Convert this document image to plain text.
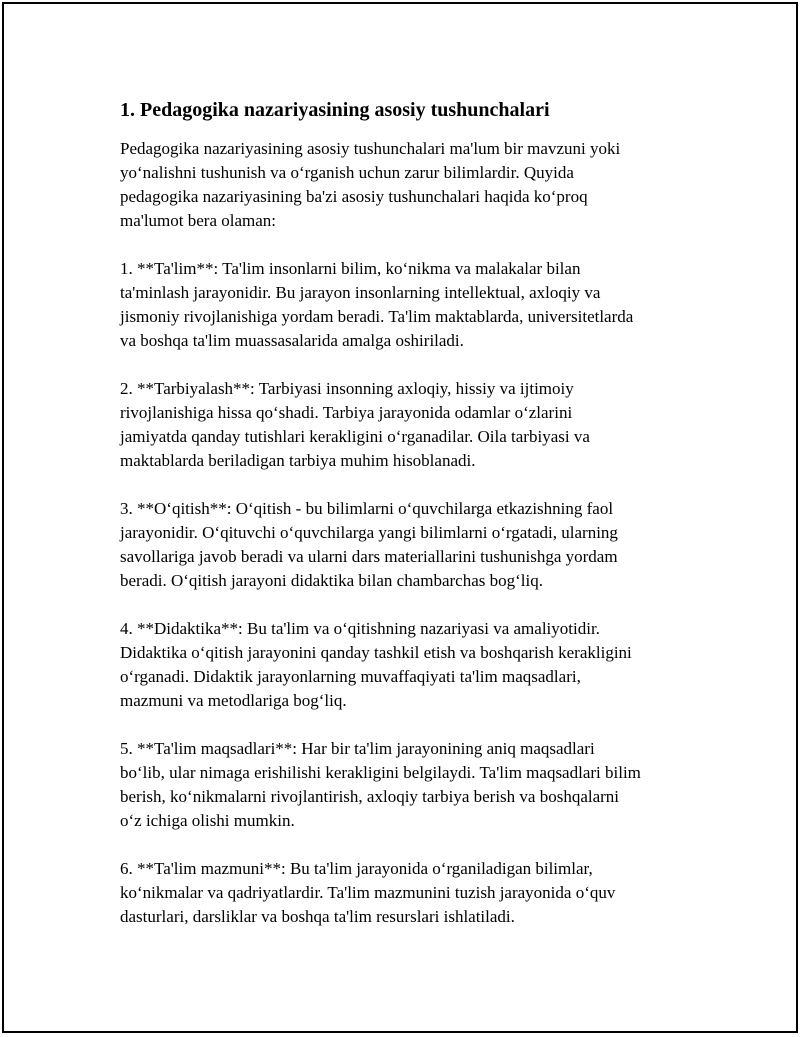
1. Pedagogika nazariyasining asosiy tushunchalari

Pedagogika nazariyasining asosiy tushunchalari ma'lum bir mavzuni yoki
yo‘nalishni tushunish va o‘rganish uchun zarur bilimlardir. Quyida
pedagogika nazariyasining ba'zi asosiy tushunchalari haqida ko‘proq
ma'lumot bera olaman:

1. **Ta'lim**: Ta'lim insonlarni bilim, ko‘nikma va malakalar bilan
ta'minlash jarayonidir. Bu jarayon insonlarning intellektual, axloqiy va
jismoniy rivojlanishiga yordam beradi. Ta'lim maktablarda, universitetlarda
va boshqa ta'lim muassasalarida amalga oshiriladi.

2. **Tarbiyalash**: Tarbiyasi insonning axloqiy, hissiy va ijtimoiy
rivojlanishiga hissa qo‘shadi. Tarbiya jarayonida odamlar o‘zlarini
jamiyatda qanday tutishlari kerakligini o‘rganadilar. Oila tarbiyasi va
maktablarda beriladigan tarbiya muhim hisoblanadi.

3. **O‘qitish**: O‘qitish - bu bilimlarni o‘quvchilarga etkazishning faol
jarayonidir. O‘qituvchi o‘quvchilarga yangi bilimlarni o‘rgatadi, ularning
savollariga javob beradi va ularni dars materiallarini tushunishga yordam
beradi. O‘qitish jarayoni didaktika bilan chambarchas bog‘liq.

4. **Didaktika**: Bu ta'lim va o‘qitishning nazariyasi va amaliyotidir.
Didaktika o‘qitish jarayonini qanday tashkil etish va boshqarish kerakligini
o‘rganadi. Didaktik jarayonlarning muvaffaqiyati ta'lim maqsadlari,
mazmuni va metodlariga bog‘liq.

5. **Ta'lim maqsadlari**: Har bir ta'lim jarayonining aniq maqsadlari
bo‘lib, ular nimaga erishilishi kerakligini belgilaydi. Ta'lim maqsadlari bilim
berish, ko‘nikmalarni rivojlantirish, axloqiy tarbiya berish va boshqalarni
o‘z ichiga olishi mumkin.

6. **Ta'lim mazmuni**: Bu ta'lim jarayonida o‘rganiladigan bilimlar,
ko‘nikmalar va qadriyatlardir. Ta'lim mazmunini tuzish jarayonida o‘quv
dasturlari, darsliklar va boshqa ta'lim resurslari ishlatiladi.
